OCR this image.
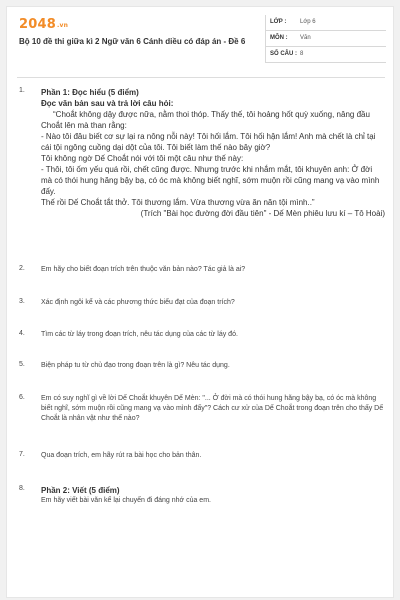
2048.vn
Bộ 10 đề thi giữa kì 2 Ngữ văn 6 Cánh diều có đáp án - Đề 6
LỚP :	Lớp 6
MÔN :	Văn
SỐ CÂU : 8
1.	Phần 1: Đọc hiểu (5 điểm)
Đọc văn bản sau và trả lời câu hỏi:
“Choắt không dậy được nữa, nằm thoi thóp. Thấy thế, tôi hoảng hốt quỳ xuống, nâng đầu Choắt lên mà than rằng:
- Nào tôi đâu biết cơ sự lại ra nông nỗi này! Tôi hối lắm. Tôi hối hận lắm! Anh mà chết là chỉ tại cái tội ngông cuồng dại dột của tôi. Tôi biết làm thế nào bây giờ?
Tôi không ngờ Dế Choắt nói với tôi một câu như thế này:
- Thôi, tôi ốm yếu quá rồi, chết cũng được. Nhưng trước khi nhắm mắt, tôi khuyên anh: Ở đời mà có thói hung hăng bậy bạ, có óc mà không biết nghĩ, sớm muộn rồi cũng mang vạ vào mình đấy.
Thế rồi Dế Choắt tắt thở. Tôi thương lắm. Vừa thương vừa ăn năn tội mình..”
(Trích "Bài học đường đời đầu tiên" - Dế Mèn phiêu lưu kí – Tô Hoài)
2.	Em hãy cho biết đoạn trích trên thuộc văn bản nào? Tác giả là ai?
3.	Xác định ngôi kể và các phương thức biểu đạt của đoạn trích?
4.	Tìm các từ láy trong đoạn trích, nêu tác dụng của các từ láy đó.
5.	Biện pháp tu từ chủ đạo trong đoạn trên là gì? Nêu tác dụng.
6.	Em có suy nghĩ gì về lời Dế Choắt khuyên Dế Mèn: "... Ở đời mà có thói hung hăng bậy bạ, có óc mà không biết nghĩ, sớm muộn rồi cũng mang vạ vào mình đấy"? Cách cư xử của Dế Choắt trong đoạn trên cho thấy Dế Choắt là nhân vật như thế nào?
7.	Qua đoạn trích, em hãy rút ra bài học cho bản thân.
8.	Phần 2: Viết (5 điểm)
Em hãy viết bài văn kể lại chuyến đi đáng nhớ của em.
